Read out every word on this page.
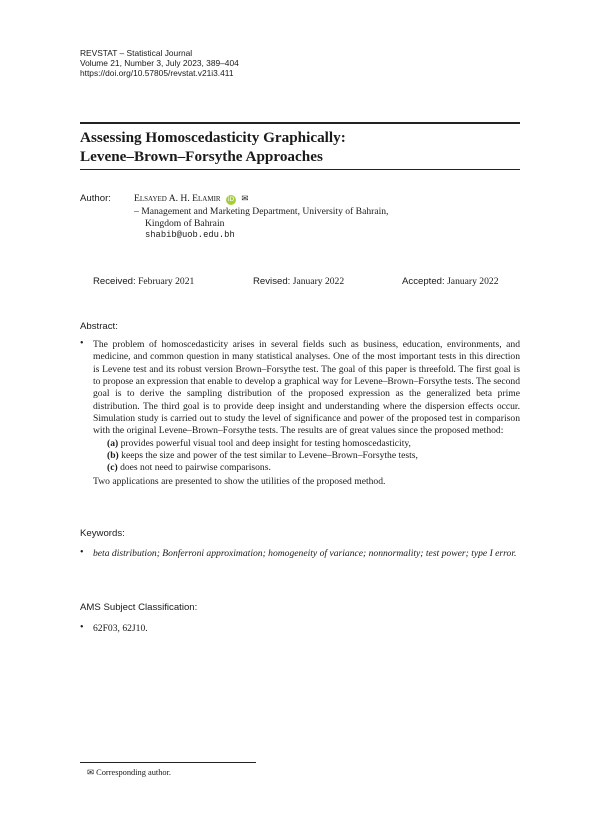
REVSTAT – Statistical Journal
Volume 21, Number 3, July 2023, 389–404
https://doi.org/10.57805/revstat.v21i3.411
Assessing Homoscedasticity Graphically:
Levene–Brown–Forsythe Approaches
Author: Elsayed A. H. Elamir iD ✉
– Management and Marketing Department, University of Bahrain,
Kingdom of Bahrain
shabib@uob.edu.bh
Received: February 2021	Revised: January 2022	Accepted: January 2022
Abstract:
• The problem of homoscedasticity arises in several fields such as business, education, environments, and medicine, and common question in many statistical analyses. One of the most important tests in this direction is Levene test and its robust version Brown–Forsythe test. The goal of this paper is threefold. The first goal is to propose an expression that enable to develop a graphical way for Levene–Brown–Forsythe tests. The second goal is to derive the sampling distribution of the proposed expression as the generalized beta prime distribution. The third goal is to provide deep insight and understanding where the dispersion effects occur. Simulation study is carried out to study the level of significance and power of the proposed test in comparison with the original Levene–Brown–Forsythe tests. The results are of great values since the proposed method:

(a) provides powerful visual tool and deep insight for testing homoscedasticity,
(b) keeps the size and power of the test similar to Levene–Brown–Forsythe tests,
(c) does not need to pairwise comparisons.

Two applications are presented to show the utilities of the proposed method.

Keywords:
• beta distribution; Bonferroni approximation; homogeneity of variance; nonnormality; test power; type I error.
AMS Subject Classification:
• 62F03, 62J10.
✉ Corresponding author.
